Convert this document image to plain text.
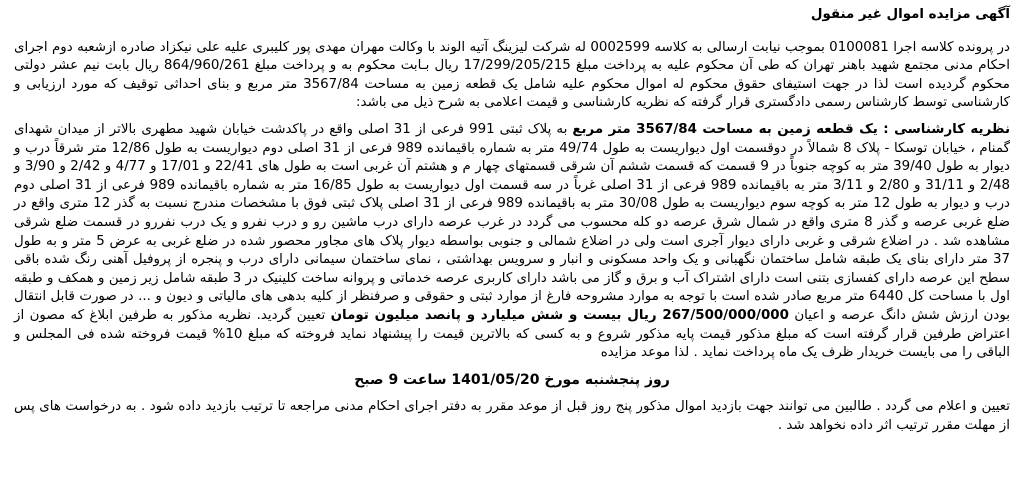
آگهی مزایده اموال غیر منقول

در پرونده کلاسه اجرا 0100081 بموجب نیابت ارسالی به کلاسه 0002599 له شرکت لیزینگ آتیه الوند با وکالت مهران مهدی پور کلیبری علیه علی نیکزاد صادره ازشعبه دوم اجرای احکام مدنی مجتمع شهید باهنر تهران که طی آن محکوم علیه به پرداخت مبلغ 17/299/205/215 ریال بـابت محکوم به و پرداخت مبلغ 864/960/261 ریال بابت نیم عشر دولتی محکوم گردیده است لذا در جهت استیفای حقوق محکوم له اموال محکوم علیه شامل یک قطعه زمین به مساحت 3567/84 متر مربع و بنای احداثی توقیف که مورد ارزیابی و کارشناسی توسط کارشناس رسمی دادگستری قرار گرفته که نظریه کارشناسی و قیمت اعلامی به شرح ذیل می باشد:

نظریه کارشناسی : یک قطعه زمین به مساحت 3567/84 متر مربع به پلاک ثبتی 991 فرعی از 31 اصلی واقع در پاکدشت خیابان شهید مطهری بالاتر از میدان شهدای گمنام ، خیابان توسکا - پلاک 8 شمالاً در دوقسمت اول دیواریست به طول 49/74 متر به شماره باقیمانده 989 فرعی از 31 اصلی دوم دیواریست به طول 12/86 متر شرقاً درب و دیوار به طول 39/40 متر به کوچه جنوباً در 9 قسمت که قسمت ششم آن شرقی قسمتهای چهار م و هشتم آن غربی است به طول های 22/41 و 17/01 و 4/77 و 2/42 و 3/90 و 2/48 و 31/11 و 2/80 و 3/11 متر به باقیمانده 989 فرعی از 31 اصلی غرباً در سه قسمت اول دیواریست به طول 16/85 متر به شماره باقیمانده 989 فرعی از 31 اصلی دوم درب و دیوار به طول 12 متر به کوچه سوم دیواریست به طول 30/08 متر به باقیمانده 989 فرعی از 31 اصلی پلاک ثبتی فوق با مشخصات مندرج نسبت به گذر 12 متری واقع در ضلع غربی عرصه و گذر 8 متری واقع در شمال شرق عرصه دو کله محسوب می گردد در غرب عرصه دارای درب ماشین رو و درب نفرو و یک درب نفررو در قسمت ضلع شرقی مشاهده شد . در اضلاع شرقی و غربی دارای دیوار آجری است ولی در اضلاع شمالی و جنوبی بواسطه دیوار پلاک های مجاور محصور شده در ضلع غربی به عرض 5 متر و به طول 37 متر دارای بنای یک طبقه شامل ساختمان نگهبانی و یک واحد مسکونی و انبار و سرویس بهداشتی ، نمای ساختمان سیمانی دارای درب و پنجره از پروفیل آهنی رنگ شده باقی سطح این عرصه دارای کفسازی بتنی است دارای اشتراک آب و برق و گاز می باشد دارای کاربری عرصه خدماتی و پروانه ساخت کلینیک در 3 طبقه شامل زیر زمین و همکف و طبقه اول با مساحت کل 6440 متر مربع صادر شده است با توجه به موارد مشروحه فارغ از موارد ثبتی و حقوقی و صرفنظر از کلیه بدهی های مالیاتی و دیون و ... در صورت قابل انتقال بودن ارزش شش دانگ عرصه و اعیان 267/500/000/000 ریال بیست و شش میلیارد و پانصد میلیون تومان تعیین گردید. نظریه مذکور به طرفین ابلاغ که مصون از اعتراض طرفین قرار گرفته است که مبلغ مذکور قیمت پایه مذکور شروع و به کسی که بالاترین قیمت را پیشنهاد نماید فروخته که مبلغ 10% قیمت فروخته شده فی المجلس و الباقی را می بایست خریدار ظرف یک ماه پرداخت نماید . لذا موعد مزایده

روز پنجشنبه مورخ 1401/05/20 ساعت 9 صبح

تعیین و اعلام می گردد . طالبین می توانند جهت بازدید اموال مذکور پنج روز قبل از موعد مقرر به دفتر اجرای احکام مدنی مراجعه تا ترتیب بازدید داده شود . به درخواست های پس از مهلت مقرر ترتیب اثر داده نخواهد شد .
